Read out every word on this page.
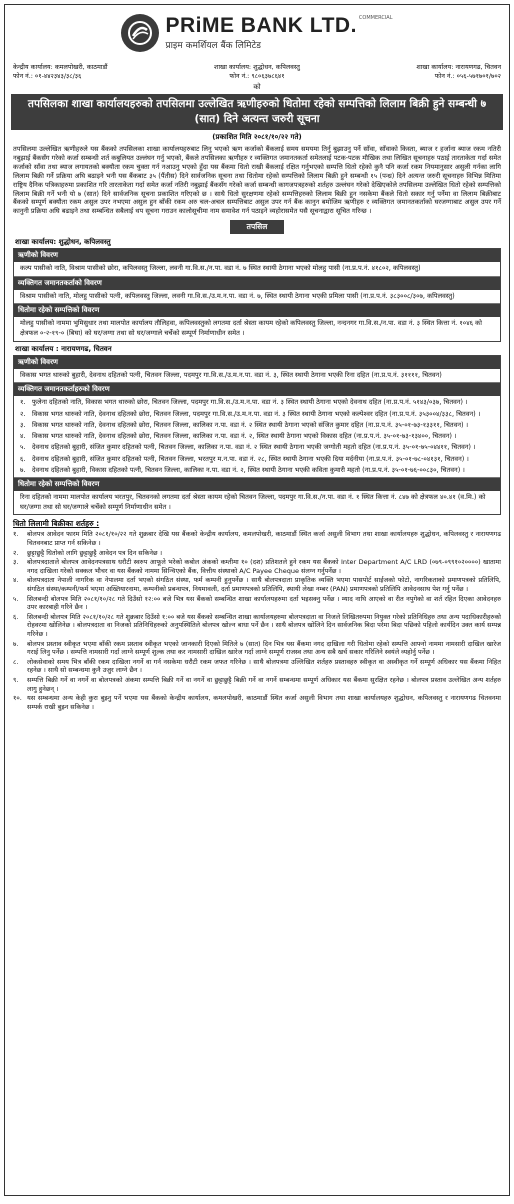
PRiME BANK LTD. COMMERCIAL
प्राइम कमर्शियल बैंक लिमिटेड
केन्द्रीय कार्यालय: कमलपोखरी, काठमाडौं
फोन नं.: ०१-४४२३४३/३८/३६
शाखा कार्यालय: शुद्धोधन, कपिलवस्तु
फोन नं.: ९८०६३७८६४१
शाखा कार्यालय: नारायणगढ, चितवन
फोन नं.: ०५६-५७१७०१/७०२
को
तपसिलका शाखा कार्यालयहरुको तपसिलमा उल्लेखित ऋणीहरुको धितोमा रहेको सम्पत्तिको लिलाम बिक्री हुने सम्बन्धी ७ (सात) दिने अत्यन्त जरुरी सूचना
(प्रकाशित मिति २०८१/१०/२२ गते)
तपसिलमा उल्लेखित ऋणीहरुले यस बैंकको तपसिलका शाखा कार्यालयहरुबाट लिनु भएको ऋण कर्जाको बैंकलाई समय समयमा तिर्नु बुझाउनु पर्ने साँवा, साँवाको किस्ता, ब्याज र हर्जाना ब्याज रकम नतिरी नबुझाई बैंकसँग गरेको कर्जा सम्बन्धी शर्त कबुलियत उल्लंघन गर्नु भएको, बैंकले तपसिलका ऋणीहरु र व्यक्तिगत जमानतकर्ता समेतलाई पटक-पटक मौखिक तथा लिखित सूचनाहरु पठाई तारताकेता गर्दा समेत कर्जाको साँवा तथा ब्याज लगायतको बक्यौता रकम चुक्ता गर्न नआउनु भएको हुँदा यस बैंकमा धितो राखी बैंकलाई रक्षित गर्नुभएको सम्पत्ति धितो रहेको कुनै पनि कर्जा रकम नियमानुसार असुली गर्नका लागि लिलाम बिक्री गर्ने प्रक्रिया अघि बढाइने भनी यस बैंकबाट ३५ (पैंतीस) दिने सार्वजनिक सूचना तथा धितोमा रहेको सम्पत्तिको लिलाम बिक्री हुने सम्बन्धी १५ (पन्ध्र) दिने अत्यन्त जरुरी सूचनाहरु विभिन्न मितिमा राष्ट्रिय दैनिक पत्रिकाहरुमा प्रकाशित गरि तारताकेता गर्दा समेत कर्जा नतिरी नबुझाई बैंकसँग गरेको कर्जा सम्बन्धी कागजपत्रहरुको शर्तहरु उल्लंघन गरेको देखिएकोले तपसिलमा उल्लेखित धितो रहेको सम्पत्तिको लिलाम बिक्री गर्ने भनी यो ७ (सात) दिने सार्वजनिक सूचना प्रकाशित गरिएको छ । साथै धितो सुरक्षणमा रहेको सम्पत्तिहरुको लिलाम बिक्री हुन नसकेमा बैंकले धितो सकार गर्नु पर्नेमा वा लिलाम बिक्रीबाट बैंकको सम्पूर्ण बक्यौता रकम असुल उपर नभएमा असुल हुन बाँकी रकम अरु चल-अचल सम्पत्तिबाट असुल उपर गर्न बैंक कानुन बमोजिम ऋणीहरु र व्यक्तिगत जमानतकर्ताको घरजग्गाबाट असुल उपर गर्ने कानुनी प्रक्रिया अघि बढाइने तथा सम्बन्धित सबैलाई थप सूचना गराउन कालोसूचीमा नाम समावेश गर्न पठाइने व्यहोरासमेत यसै सूचनाद्वारा सूचित गरिन्छ ।
तपसिल
शाखा कार्यालय: शुद्धोधन, कपिलवस्तु
ऋणीको विवरण
कल्प पासीको नाति, विश्राम पासीको छोरा, कपिलवस्तु जिल्ला, लवनी गा.वि.स./न.पा. वडा नं. ७ स्थित स्थायी ठेगाना भएको मोलहु पासी (ना.प्र.प.नं. ४१८०२, कपिलवस्तु)
व्यक्तिगत जमानतकर्ताको विवरण
विश्राम पासीको नाति, मोलहु पासीको पत्नी, कपिलवस्तु जिल्ला, लवनी गा.वि.स./उ.म.न.पा. वडा नं. ७, स्थित स्थायी ठेगाना भएकी प्रमिला पासी (ना.प्र.प.नं. ३८३००८/३०७, कपिलवस्तु)
धितोमा रहेको सम्पत्तिको विवरण
मोलहु पासीको नाममा भुमिसुधार तथा मालपोत कार्यालय तौलिहवा, कपिलवस्तुको लगतमा दर्ता श्रेस्ता कायम रहेको कपिलवस्तु जिल्ला, नन्दनगर गा.वि.स./न.पा. वडा नं. ३ स्थित कित्ता नं. १०४६ को क्षेत्रफल ०-२-१९-० (बिघा) को घर/जग्गा तथा सो घर/जग्गाले चर्चेको सम्पूर्ण निर्माणाधीन समेत ।
शाखा कार्यालय : नारायणगढ, चितवन
ऋणीको विवरण
विकास भगत थारुको बुहारी, देवनाथ दहितको पत्नी, चितवन जिल्ला, पदमपुर गा.वि.स./उ.म.न.पा. वडा नं. ३, स्थित स्थायी ठेगाना भएकी रिना दहित (ना.प्र.प.नं. ३११११, चितवन)
व्यक्तिगत जमानतकर्ताहरुको विवरण
१. फुलेना दहितको नाति, विकास भगत थारुको छोरा, चितवन जिल्ला, पदमपुर गा.वि.स./उ.म.न.पा. वडा नं. ३ स्थित स्थायी ठेगाना भएको देवनाथ दहित (ना.प्र.प.नं. ५१४३/०३७, चितवन) ।
२. विकास भगत थारुको नाति, देवनाथ दहितको छोरा, चितवन जिल्ला, पदमपुर गा.वि.स./उ.म.न.पा. वडा नं. ३ स्थित स्थायी ठेगाना भएको कल्पेश्वर दहित (ना.प्र.प.नं. ३५३००४/३३८, चितवन) ।
३. विकास भगत थारुको नाति, देवनाथ दहितको छोरा, चितवन जिल्ला, कालिका न.पा. वडा नं. २ स्थित स्थायी ठेगाना भएको संजित कुमार दहित (ना.प्र.प.नं. ३५-०१-७३-१३३११, चितवन) ।
४. विकास भगत थारुको नाति, देवनाथ दहितको छोरा, चितवन जिल्ला, कालिका न.पा. वडा नं. २, स्थित स्थायी ठेगाना भएको विकास दहित (ना.प्र.प.नं. ३५-०१-७३-१३४००, चितवन) ।
५. देवनाथ दहितको बुहारी, संजित कुमार दहितको पत्नी, चितवन जिल्ला, कालिका न.पा. वडा नं. २ स्थित स्थायी ठेगाना भएकी जग्गोती महतो दहित (ना.प्र.प.नं. ३५-०१-७५-०४४११, चितवन) ।
६. देवनाथ दहितको बुहारी, संजित कुमार दहितको पत्नी, चितवन जिल्ला, भरतपुर म.न.पा. वडा नं. २८, स्थित स्थायी ठेगाना भएकी दिया मर्दनीया (ना.प्र.प.नं. ३५-०१-७८-०४१३१, चितवन) ।
७. देवनाथ दहितको बुहारी, विकास दहितको पत्नी, चितवन जिल्ला, कालिका न.पा. वडा नं. २, स्थित स्थायी ठेगाना भएकी कविता कुमारी महतो (ना.प्र.प.नं. ३५-०१-७६-००८३०, चितवन) ।
धितोमा रहेको सम्पत्तिको विवरण
रिना दहितको नाममा मालपोत कार्यालय भरतपुर, चितवनको लगतमा दर्ता श्रेस्ता कायम रहेको चितवन जिल्ला, पदमपुर गा.वि.स./न.पा. वडा नं. १ स्थित कित्ता नं. ८४७ को क्षेत्रफल ४०.४१ (व.मि.) को घर/जग्गा तथा सो घर/जग्गाले चर्चेको सम्पूर्ण निर्माणाधीन समेत ।
धितो लिलामी बिक्रीका शर्तहरु :
१.	बोलपत्र आवेदन फारम मिति २०८१/१०/२२ गते शुक्रबार देखि यस बैंकको केन्द्रीय कार्यालय, कमलपोखरी, काठमाडौं स्थित कर्जा असुली विभाग तथा शाखा कार्यालयहरु शुद्धोधन, कपिलवस्तु र नारायणगढ चितवनबाट प्राप्त गर्न सकिनेछ ।
२.	छुट्टाछुट्टै धितोको लागि छुट्टाछुट्टै आवेदन पत्र दिन सकिनेछ ।
३.	बोलपत्रदाताले बोलपत्र आवेदनपत्रसाथ धरौटी स्वरुप आफूले भरेको कबोल अंकको कम्तीमा १० (दश) प्रतिशतले हुने रकम यस बैंकको Inter Department A/C LRD (०७९-०९९१०२००००) खातामा नगद दाखिला गरेको सक्कल भौचर वा यस बैंकको नाममा सिन्चिएको बैंक, वित्तीय संस्थाको A/C Payee Cheque संलग्न गर्नुपर्नेछ ।
४.	बोलपत्रदाता नेपाली नागरिक वा नेपालमा दर्ता भएको संगठित संस्था, फर्म कम्पनी हुनुपर्नेछ । साथै बोलपत्रदाता प्राकृतिक व्यक्ति भएमा पासपोर्ट साईजको फोटो, नागरिकताको प्रमाणपत्रको प्रतिलिपि, संगठित संस्था/कम्पनी/फर्म भएमा अख्तियारनामा, कम्पनीको प्रबन्धपत्र, नियमावली, दर्ता प्रमाणपत्रको प्रतिलिपि, स्थायी लेखा नम्बर (PAN) प्रमाणपत्रको प्रतिलिपि आवेदनसाथ पेश गर्नु पर्नेछ ।
५.	सिलबन्दी बोलपत्र मिति २०८१/१०/२८ गते दिउँसो १२:०० बजे भित्र यस बैंकको सम्बन्धित शाखा कार्यालयहरुमा दर्ता भइसक्नु पर्नेछ । म्याद नाघि आएको वा रीत नपुगेको वा शर्त रहित दिएका आवेदनहरु उपर कारबाही गरिने छैन ।
६.	सिलबन्दी बोलपत्र मिति २०८१/१०/२८ गते शुक्रबार दिउँसो १:०० बजे यस बैंकको सम्बन्धित शाखा कार्यालयहरुमा बोलपत्रदाता वा निजले लिखितरुपमा नियुक्त गरेको प्रतिनिधिहरु तथा अन्य पदाधिकारीहरुको रोहवरमा खोलिनेछ । बोलपत्रदाता वा निजको प्रतिनिधिहरुको अनुपस्थितिले बोलपत्र खोल्न बाधा पर्ने छैन । साथै बोलपत्र खोलिने दिन सार्वजनिक बिदा परेमा बिदा पछिको पहिलो कार्यदिन उक्त कार्य सम्पन्न गरिनेछ ।
७.	बोलपत्र प्रस्ताव स्वीकृत भएमा बाँकी रकम प्रस्ताव स्वीकृत भएको जानकारी दिएको मितिले ७ (सात) दिन भित्र यस बैंकमा नगद दाखिला गरी धितोमा रहेको सम्पत्ति आफ्नो नाममा नामसारी दाखिल खारेज गराई लिनु पर्नेछ । सम्पत्ति नामसारी गर्दा लाग्ने सम्पूर्ण शुल्क तथा कर नामसारी दाखिल खारेज गर्दा लाग्ने सम्पूर्ण राजस्व तथा अन्य सबै खर्च सकार गरिलिने स्वयंले व्यहोर्नु पर्नेछ ।
८.	लोकसेवाको समय भित्र बाँकी रकम दाखिला नगर्ने वा गर्न नसकेमा धरौटी रकम जफत गरिनेछ । साथै बोलपत्रमा उल्लिखित शर्तहरु प्रस्तावहरु स्वीकृत वा अस्वीकृत गर्ने सम्पूर्ण अधिकार यस बैंकमा निहित रहनेछ । साथै सो सम्बन्धमा कुनै उजुर लाग्ने छैन ।
९.	सम्पत्ति बिक्री गर्ने वा नगर्ने वा बोलपत्रको अंकमा सम्पत्ति बिक्री गर्ने वा नगर्ने वा छुट्टाछुट्टै बिक्री गर्ने वा नगर्ने सम्बन्धमा सम्पूर्ण अधिकार यस बैंकमा सुरक्षित रहनेछ । बोलपत्र प्रस्ताव उल्लेखित अन्य शर्तहरु लागु हुनेछन् ।
१०. यस सम्बन्धमा अन्य केही कुरा बुझ्नु पर्ने भएमा यस बैंकको केन्द्रीय कार्यालय, कमलपोखरी, काठमाडौं स्थित कर्जा असुली विभाग तथा शाखा कार्यालयहरु शुद्धोधन, कपिलवस्तु र नारायणगढ चितवनमा सम्पर्क राखी बुझ्न सकिनेछ ।
